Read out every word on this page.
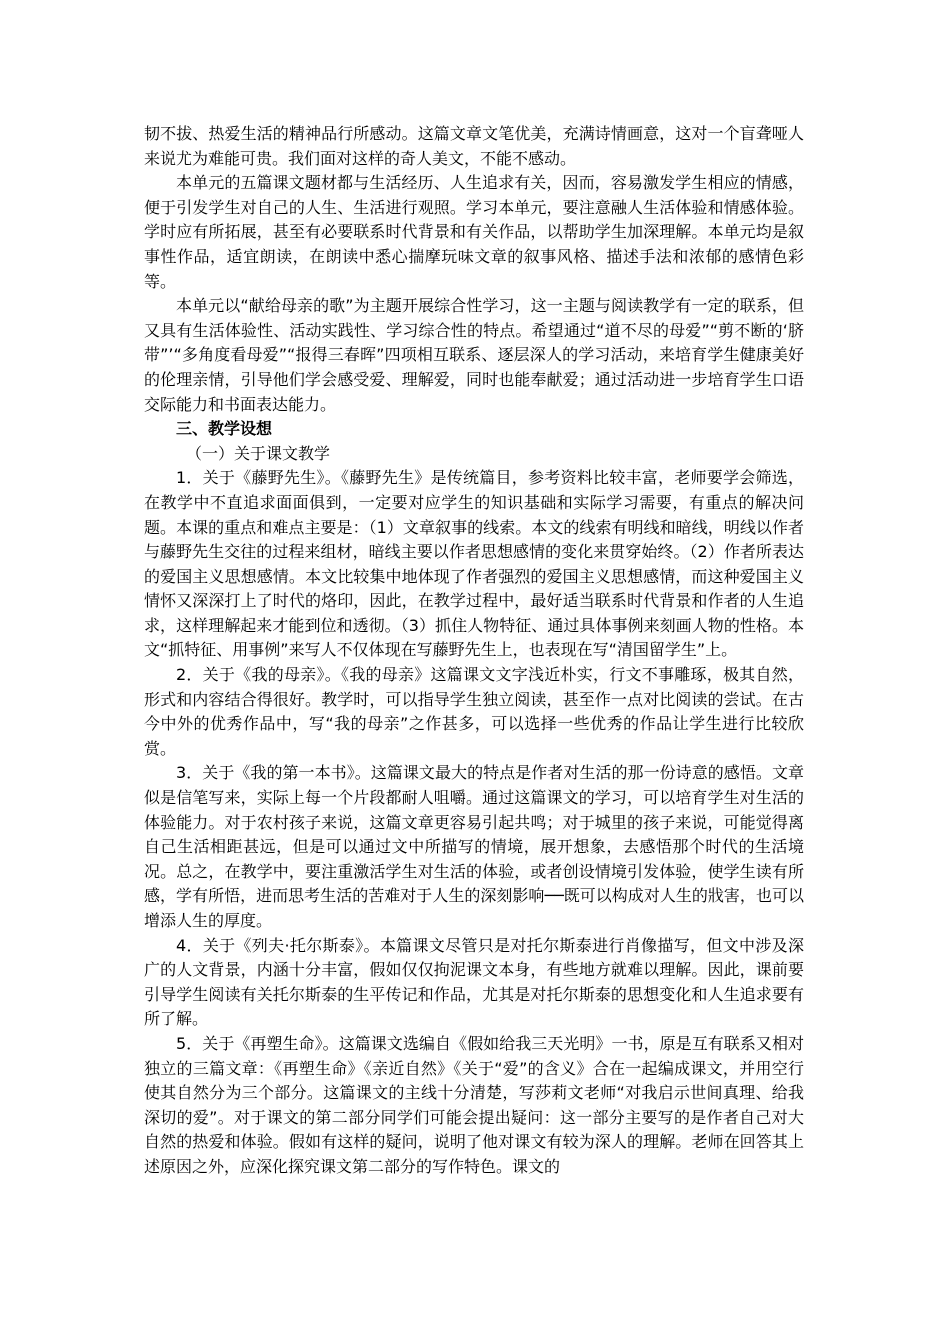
韧不拔、热爱生活的精神品行所感动。这篇文章文笔优美，充满诗情画意，这对一个盲聋哑人来说尤为难能可贵。我们面对这样的奇人美文，不能不感动。

本单元的五篇课文题材都与生活经历、人生追求有关，因而，容易激发学生相应的情感，便于引发学生对自己的人生、生活进行观照。学习本单元，要注意融人生活体验和情感体验。学时应有所拓展，甚至有必要联系时代背景和有关作品，以帮助学生加深理解。本单元均是叙事性作品，适宜朗读，在朗读中悉心揣摩玩味文章的叙事风格、描述手法和浓郁的感情色彩等。

本单元以“献给母亲的歌”为主题开展综合性学习，这一主题与阅读教学有一定的联系，但又具有生活体验性、活动实践性、学习综合性的特点。希望通过“道不尽的母爱”“剪不断的‘脐带”’“多角度看母爱”“报得三春晖”四项相互联系、逐层深人的学习活动，来培育学生健康美好的伦理亲情，引导他们学会感受爱、理解爱，同时也能奉献爱；通过活动进一步培育学生口语交际能力和书面表达能力。

三、教学设想

（一）关于课文教学

1．关于《藤野先生》。《藤野先生》是传统篇目，参考资料比较丰富，老师要学会筛选，在教学中不直追求面面俱到，一定要对应学生的知识基础和实际学习需要，有重点的解决问题。本课的重点和难点主要是：（1）文章叙事的线索。本文的线索有明线和暗线，明线以作者与藤野先生交往的过程来组材，暗线主要以作者思想感情的变化来贯穿始终。（2）作者所表达的爱国主义思想感情。本文比较集中地体现了作者强烈的爱国主义思想感情，而这种爱国主义情怀又深深打上了时代的烙印，因此，在教学过程中，最好适当联系时代背景和作者的人生追求，这样理解起来才能到位和透彻。（3）抓住人物特征、通过具体事例来刻画人物的性格。本文“抓特征、用事例”来写人不仅体现在写藤野先生上，也表现在写“清国留学生”上。

2．关于《我的母亲》。《我的母亲》这篇课文文字浅近朴实，行文不事雕琢，极其自然，形式和内容结合得很好。教学时，可以指导学生独立阅读，甚至作一点对比阅读的尝试。在古今中外的优秀作品中，写“我的母亲”之作甚多，可以选择一些优秀的作品让学生进行比较欣赏。

3．关于《我的第一本书》。这篇课文最大的特点是作者对生活的那一份诗意的感悟。文章似是信笔写来，实际上每一个片段都耐人咀嚼。通过这篇课文的学习，可以培育学生对生活的体验能力。对于农村孩子来说，这篇文章更容易引起共鸣；对于城里的孩子来说，可能觉得离自己生活相距甚远，但是可以通过文中所描写的情境，展开想象，去感悟那个时代的生活境况。总之，在教学中，要注重激活学生对生活的体验，或者创设情境引发体验，使学生读有所感，学有所悟，进而思考生活的苦难对于人生的深刻影响──既可以构成对人生的戕害，也可以增添人生的厚度。

4．关于《列夫·托尔斯泰》。本篇课文尽管只是对托尔斯泰进行肖像描写，但文中涉及深广的人文背景，内涵十分丰富，假如仅仅拘泥课文本身，有些地方就难以理解。因此，课前要引导学生阅读有关托尔斯泰的生平传记和作品，尤其是对托尔斯泰的思想变化和人生追求要有所了解。

5．关于《再塑生命》。这篇课文选编自《假如给我三天光明》一书，原是互有联系又相对独立的三篇文章：《再塑生命》《亲近自然》《关于“爱”的含义》合在一起编成课文，并用空行使其自然分为三个部分。这篇课文的主线十分清楚，写莎莉文老师“对我启示世间真理、给我深切的爱”。对于课文的第二部分同学们可能会提出疑问：这一部分主要写的是作者自己对大自然的热爱和体验。假如有这样的疑问，说明了他对课文有较为深人的理解。老师在回答其上述原因之外，应深化探究课文第二部分的写作特色。课文的
